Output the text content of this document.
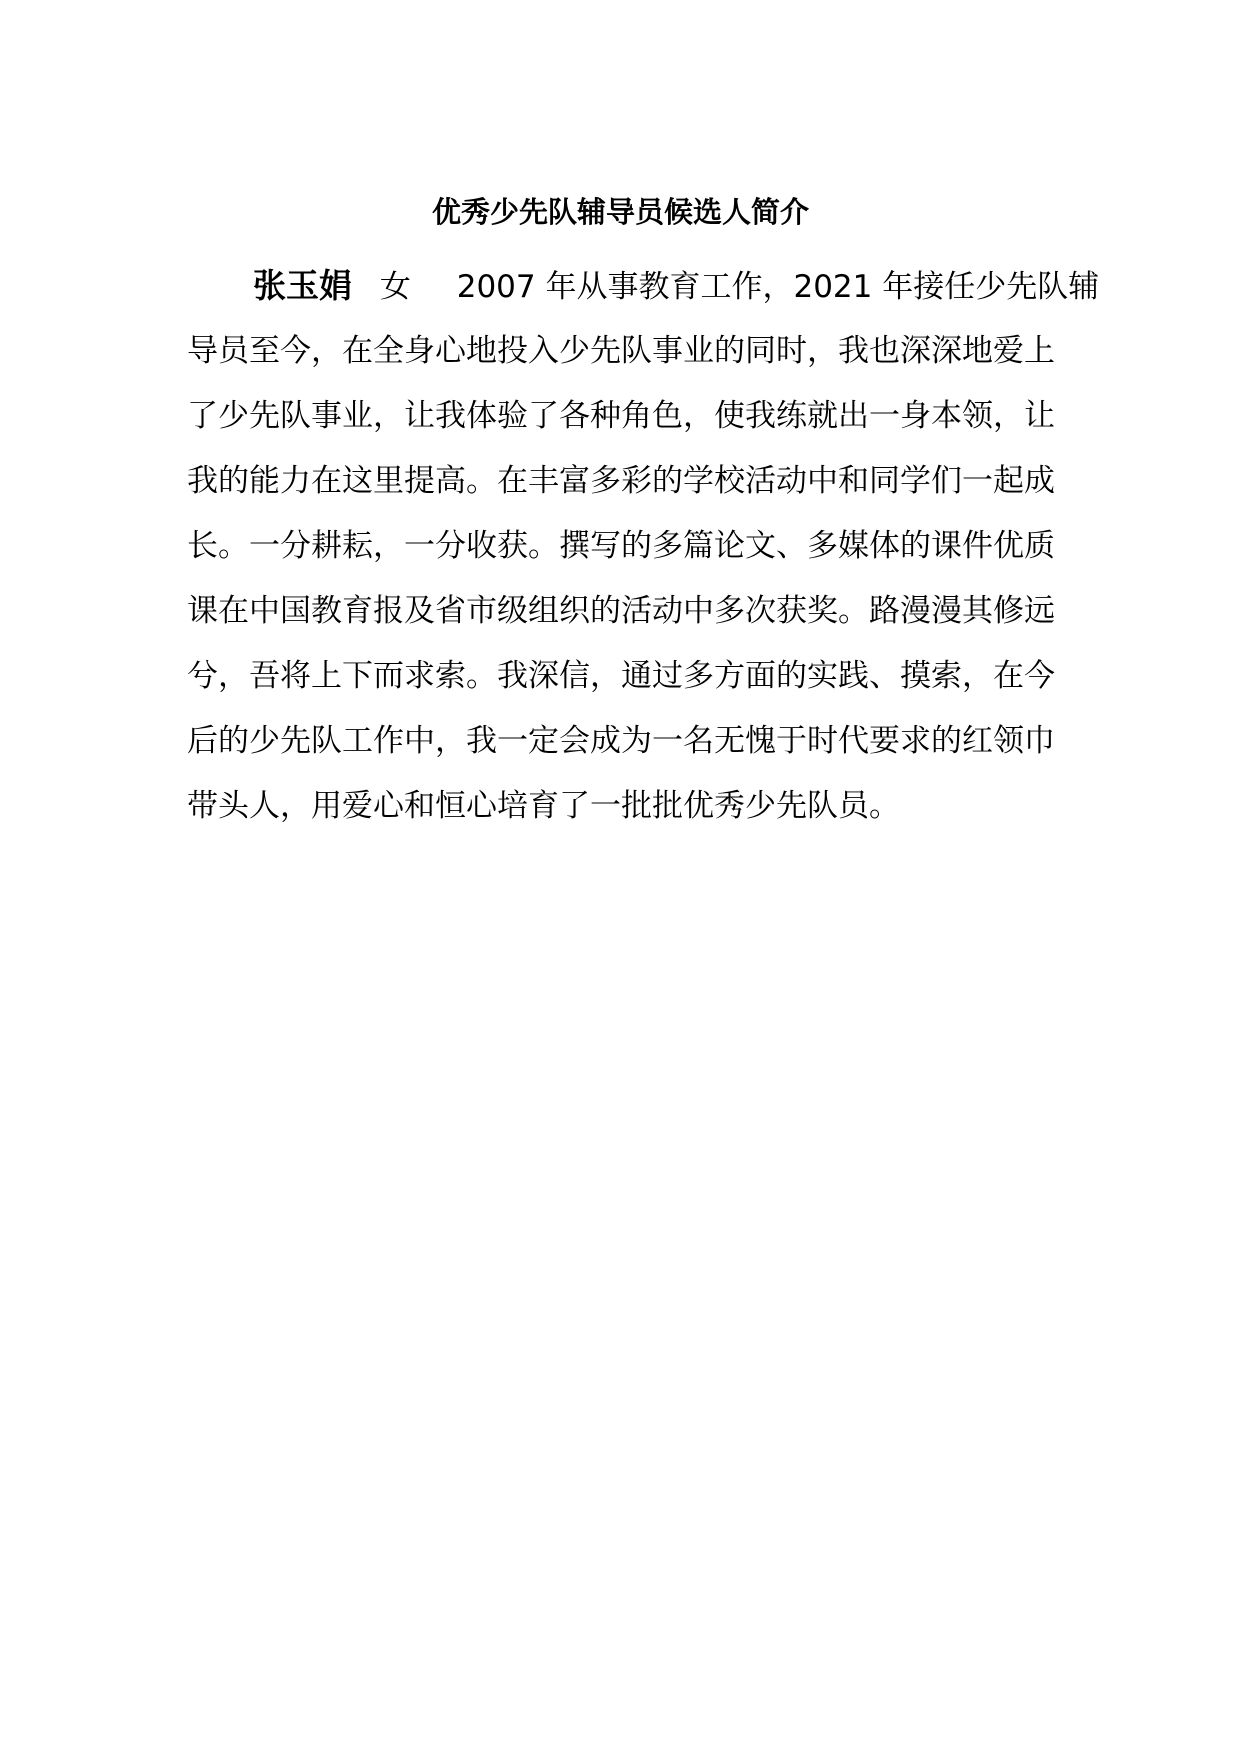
优秀少先队辅导员候选人简介
张玉娟 女 2007 年从事教育工作，2021 年接任少先队辅
导员至今，在全身心地投入少先队事业的同时，我也深深地爱上
了少先队事业，让我体验了各种角色，使我练就出一身本领，让
我的能力在这里提高。在丰富多彩的学校活动中和同学们一起成
长。一分耕耘，一分收获。撰写的多篇论文、多媒体的课件优质
课在中国教育报及省市级组织的活动中多次获奖。路漫漫其修远
兮，吾将上下而求索。我深信，通过多方面的实践、摸索，在今
后的少先队工作中，我一定会成为一名无愧于时代要求的红领巾
带头人，用爱心和恒心培育了一批批优秀少先队员。
